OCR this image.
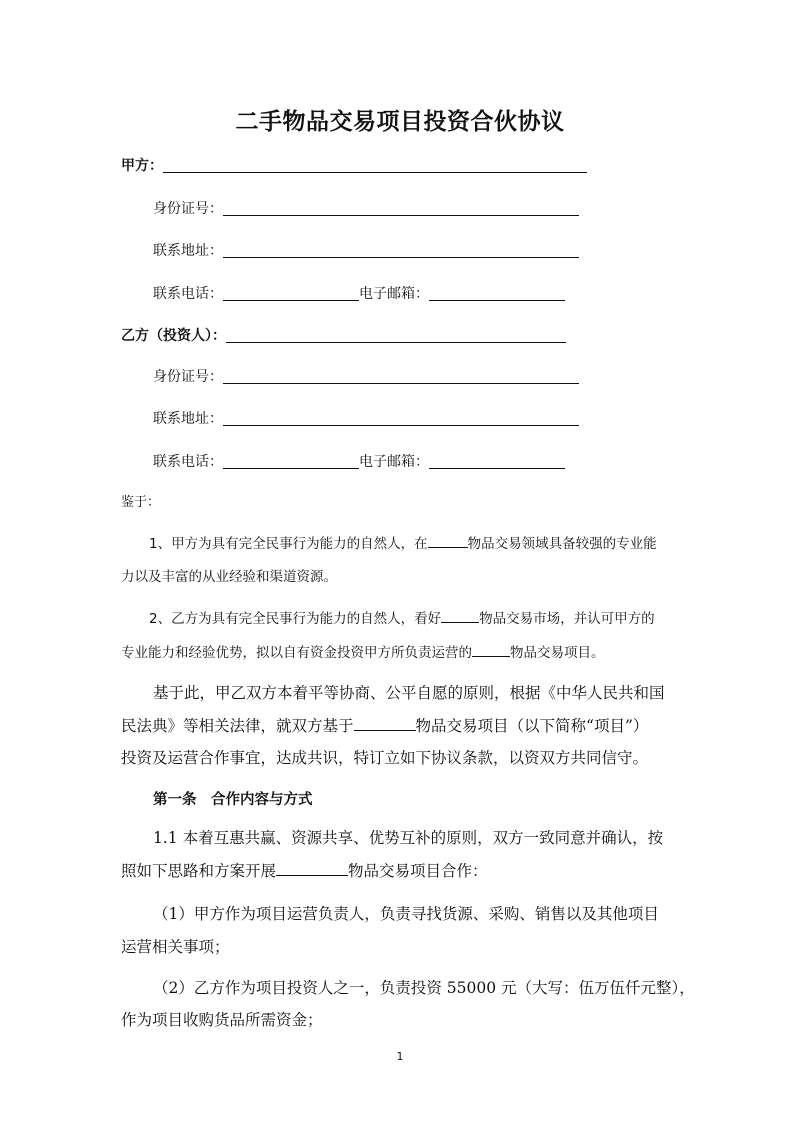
二手物品交易项目投资合伙协议
甲方：
身份证号：
联系地址：
联系电话：	电子邮箱：
乙方（投资人）：
身份证号：
联系地址：
联系电话：	电子邮箱：
鉴于：
1、甲方为具有完全民事行为能力的自然人，在	物品交易领域具备较强的专业能
力以及丰富的从业经验和渠道资源。
2、乙方为具有完全民事行为能力的自然人，看好	物品交易市场，并认可甲方的
专业能力和经验优势，拟以自有资金投资甲方所负责运营的	物品交易项目。
基于此，甲乙双方本着平等协商、公平自愿的原则，根据《中华人民共和国
民法典》等相关法律，就双方基于	物品交易项目（以下简称“项目”）
投资及运营合作事宜，达成共识，特订立如下协议条款，以资双方共同信守。
第一条　合作内容与方式
1.1 本着互惠共赢、资源共享、优势互补的原则，双方一致同意并确认，按
照如下思路和方案开展	物品交易项目合作：
（1）甲方作为项目运营负责人，负责寻找货源、采购、销售以及其他项目
运营相关事项；
（2）乙方作为项目投资人之一，负责投资 55000 元（大写：伍万伍仟元整），
作为项目收购货品所需资金；
1
